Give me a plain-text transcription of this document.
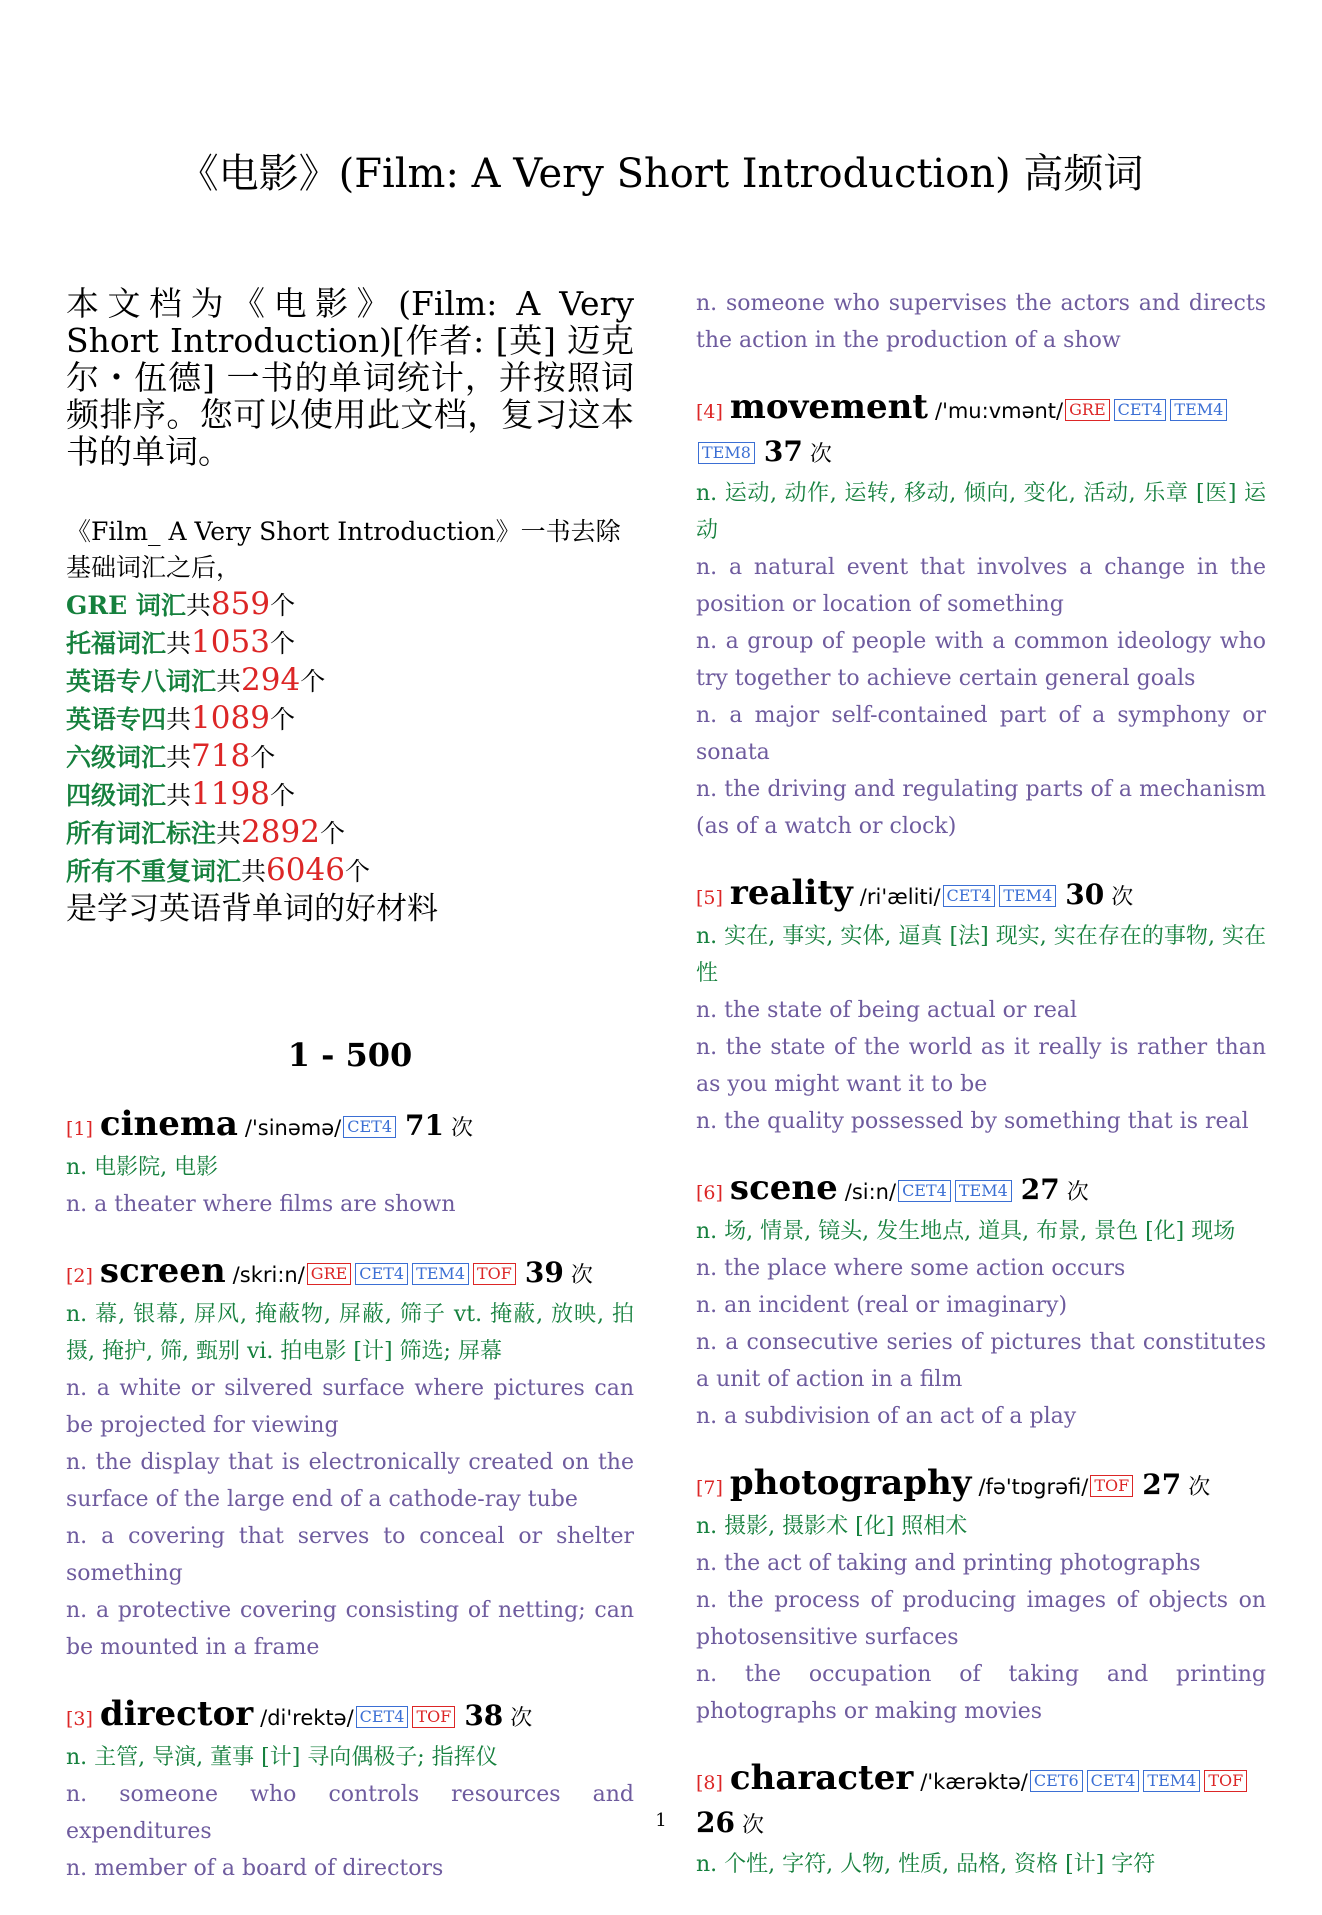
《电影》(Film: A Very Short Introduction) 高频词
本文档为《电影》(Film: A Very Short Introduction)[作者: [英] 迈克尔・伍德] 一书的单词统计，并按照词频排序。您可以使用此文档，复习这本书的单词。
《Film_ A Very Short Introduction》一书去除基础词汇之后，
GRE 词汇共859个
托福词汇共1053个
英语专八词汇共294个
英语专四共1089个
六级词汇共718个
四级词汇共1198个
所有词汇标注共2892个
所有不重复词汇共6046个
是学习英语背单词的好材料
1 - 500
[1] cinema /'sinəmə/ CET4 71 次
n. 电影院, 电影
n. a theater where films are shown
[2] screen /skri:n/ GRE CET4 TEM4 TOF 39 次
n. 幕, 银幕, 屏风, 掩蔽物, 屏蔽, 筛子 vt. 掩蔽, 放映, 拍摄, 掩护, 筛, 甄别 vi. 拍电影 [计] 筛选; 屏幕
n. a white or silvered surface where pictures can be projected for viewing
n. the display that is electronically created on the surface of the large end of a cathode-ray tube
n. a covering that serves to conceal or shelter something
n. a protective covering consisting of netting; can be mounted in a frame
[3] director /di'rektə/ CET4 TOF 38 次
n. 主管, 导演, 董事 [计] 寻向偶极子; 指挥仪
n. someone who controls resources and expenditures
n. member of a board of directors
n. someone who supervises the actors and directs the action in the production of a show
[4] movement /'mu:vmənt/ GRE CET4 TEM4TEM8 37 次
n. 运动, 动作, 运转, 移动, 倾向, 变化, 活动, 乐章 [医] 运动
n. a natural event that involves a change in the position or location of something
n. a group of people with a common ideology who try together to achieve certain general goals
n. a major self-contained part of a symphony or sonata
n. the driving and regulating parts of a mechanism (as of a watch or clock)
[5] reality /ri'æliti/ CET4 TEM4 30 次
n. 实在, 事实, 实体, 逼真 [法] 现实, 实在存在的事物, 实在性
n. the state of being actual or real
n. the state of the world as it really is rather than as you might want it to be
n. the quality possessed by something that is real
[6] scene /si:n/ CET4 TEM4 27 次
n. 场, 情景, 镜头, 发生地点, 道具, 布景, 景色 [化] 现场
n. the place where some action occurs
n. an incident (real or imaginary)
n. a consecutive series of pictures that constitutes a unit of action in a film
n. a subdivision of an act of a play
[7] photography /fə'tɒgrəfi/ TOF 27 次
n. 摄影, 摄影术 [化] 照相术
n. the act of taking and printing photographs
n. the process of producing images of objects on photosensitive surfaces
n. the occupation of taking and printing photographs or making movies
[8] character /'kærəktə/ CET6 CET4 TEM4 TOF 26 次
n. 个性, 字符, 人物, 性质, 品格, 资格 [计] 字符
1
